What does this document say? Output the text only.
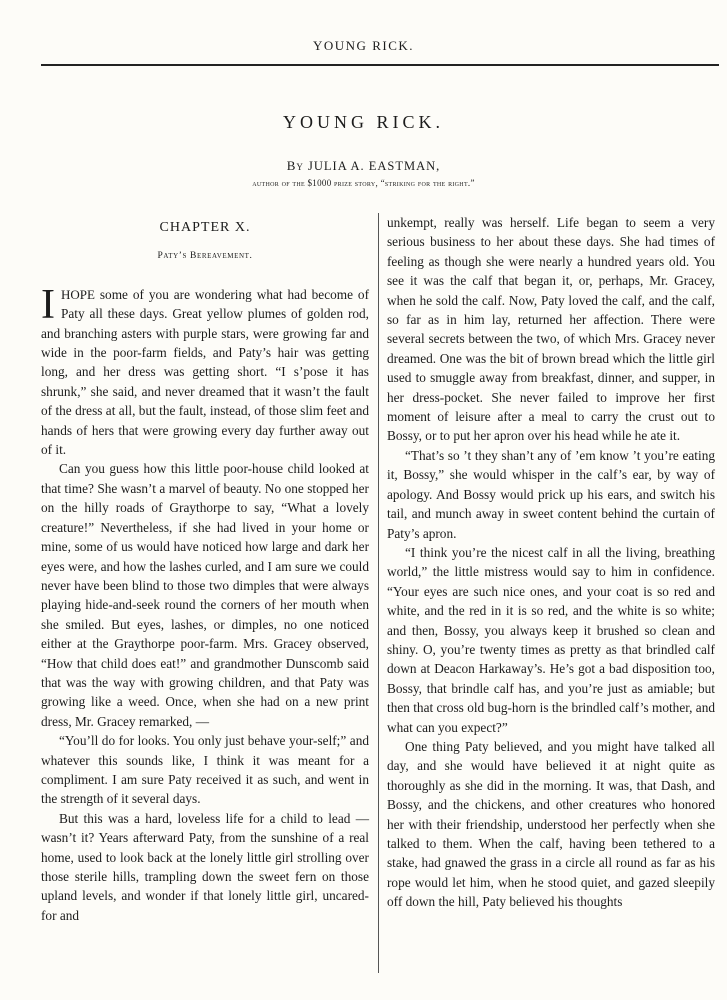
YOUNG RICK.
YOUNG RICK.
By JULIA A. EASTMAN,
author of the $1000 prize story, “striking for the right.”
CHAPTER X.
Paty’s Bereavement.

IHOPE some of you are wondering what had become of Paty all these days. Great yellow plumes of golden rod, and branching asters with purple stars, were growing far and wide in the poor-farm fields, and Paty’s hair was getting long, and her dress was getting short. “I s’pose it has shrunk,” she said, and never dreamed that it wasn’t the fault of the dress at all, but the fault, instead, of those slim feet and hands of hers that were growing every day further away out of it.

Can you guess how this little poor-house child looked at that time? She wasn’t a marvel of beauty. No one stopped her on the hilly roads of Graythorpe to say, “What a lovely creature!” Nevertheless, if she had lived in your home or mine, some of us would have noticed how large and dark her eyes were, and how the lashes curled, and I am sure we could never have been blind to those two dimples that were always playing hide-and-seek round the corners of her mouth when she smiled. But eyes, lashes, or dimples, no one noticed either at the Graythorpe poor-farm. Mrs. Gracey observed, “How that child does eat!” and grandmother Dunscomb said that was the way with growing children, and that Paty was growing like a weed. Once, when she had on a new print dress, Mr. Gracey remarked, —

“You’ll do for looks. You only just behave your-self;” and whatever this sounds like, I think it was meant for a compliment. I am sure Paty received it as such, and went in the strength of it several days.

But this was a hard, loveless life for a child to lead — wasn’t it? Years afterward Paty, from the sunshine of a real home, used to look back at the lonely little girl strolling over those sterile hills, trampling down the sweet fern on those upland levels, and wonder if that lonely little girl, uncared-for and

unkempt, really was herself. Life began to seem a very serious business to her about these days. She had times of feeling as though she were nearly a hundred years old. You see it was the calf that began it, or, perhaps, Mr. Gracey, when he sold the calf. Now, Paty loved the calf, and the calf, so far as in him lay, returned her affection. There were several secrets between the two, of which Mrs. Gracey never dreamed. One was the bit of brown bread which the little girl used to smuggle away from breakfast, dinner, and supper, in her dress-pocket. She never failed to improve her first moment of leisure after a meal to carry the crust out to Bossy, or to put her apron over his head while he ate it.

“That’s so ’t they shan’t any of ’em know ’t you’re eating it, Bossy,” she would whisper in the calf’s ear, by way of apology. And Bossy would prick up his ears, and switch his tail, and munch away in sweet content behind the curtain of Paty’s apron.

“I think you’re the nicest calf in all the living, breathing world,” the little mistress would say to him in confidence. “Your eyes are such nice ones, and your coat is so red and white, and the red in it is so red, and the white is so white; and then, Bossy, you always keep it brushed so clean and shiny. O, you’re twenty times as pretty as that brindled calf down at Deacon Harkaway’s. He’s got a bad disposition too, Bossy, that brindle calf has, and you’re just as amiable; but then that cross old bug-horn is the brindled calf’s mother, and what can you expect?”

One thing Paty believed, and you might have talked all day, and she would have believed it at night quite as thoroughly as she did in the morning. It was, that Dash, and Bossy, and the chickens, and other creatures who honored her with their friendship, understood her perfectly when she talked to them. When the calf, having been tethered to a stake, had gnawed the grass in a circle all round as far as his rope would let him, when he stood quiet, and gazed sleepily off down the hill, Paty believed his thoughts
